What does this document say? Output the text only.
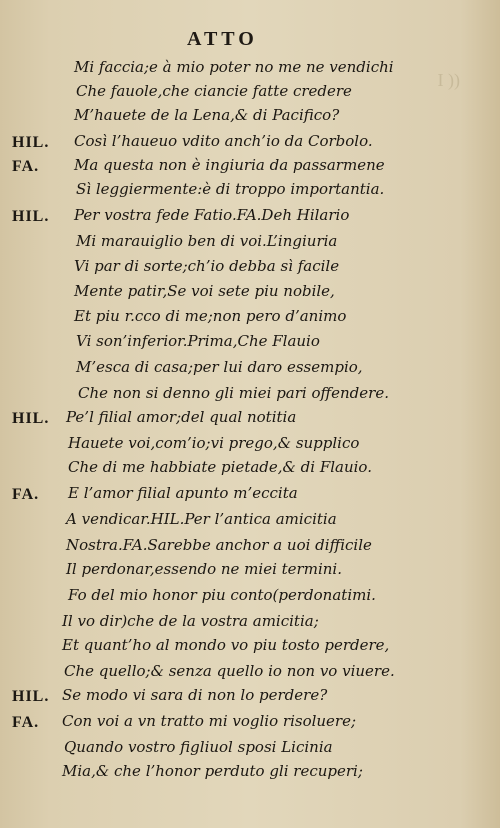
I ))
ATTO
Mi faccia;e à mio poter no me ne vendichi
Che fauole,che ciancie fatte credere
M’hauete de la Lena,& di Pacifico?
HIL. Così l’haueuo vdito anch’io da Corbolo.
FA. Ma questa non è ingiuria da passarmene
Sì leggiermente:è di troppo importantia.
HIL. Per vostra fede Fatio.FA.Deh Hilario
Mi marauiglio ben di voi.L’ingiuria
Vi par di sorte;ch’io debba sì facile
Mente patir,Se voi sete piu nobile,
Et piu r.cco di me;non pero d’animo
Vi son’inferior.Prima,Che Flauio
M’esca di casa;per lui daro essempio,
Che non si denno gli miei pari offendere.
HIL. Pe’l filial amor;del qual notitia
Hauete voi,com’io;vi prego,& supplico
Che di me habbiate pietade,& di Flauio.
FA. E l’amor filial apunto m’eccita
A vendicar.HIL.Per l’antica amicitia
Nostra.FA.Sarebbe anchor a uoi difficile
Il perdonar,essendo ne miei termini.
Fo del mio honor piu conto(perdonatimi.
Il vo dir)che de la vostra amicitia;
Et quant’ho al mondo vo piu tosto perdere,
Che quello;& senza quello io non vo viuere.
HIL. Se modo vi sara di non lo perdere?
FA. Con voi a vn tratto mi voglio risoluere;
Quando vostro figliuol sposi Licinia
Mia,& che l’honor perduto gli recuperi;
